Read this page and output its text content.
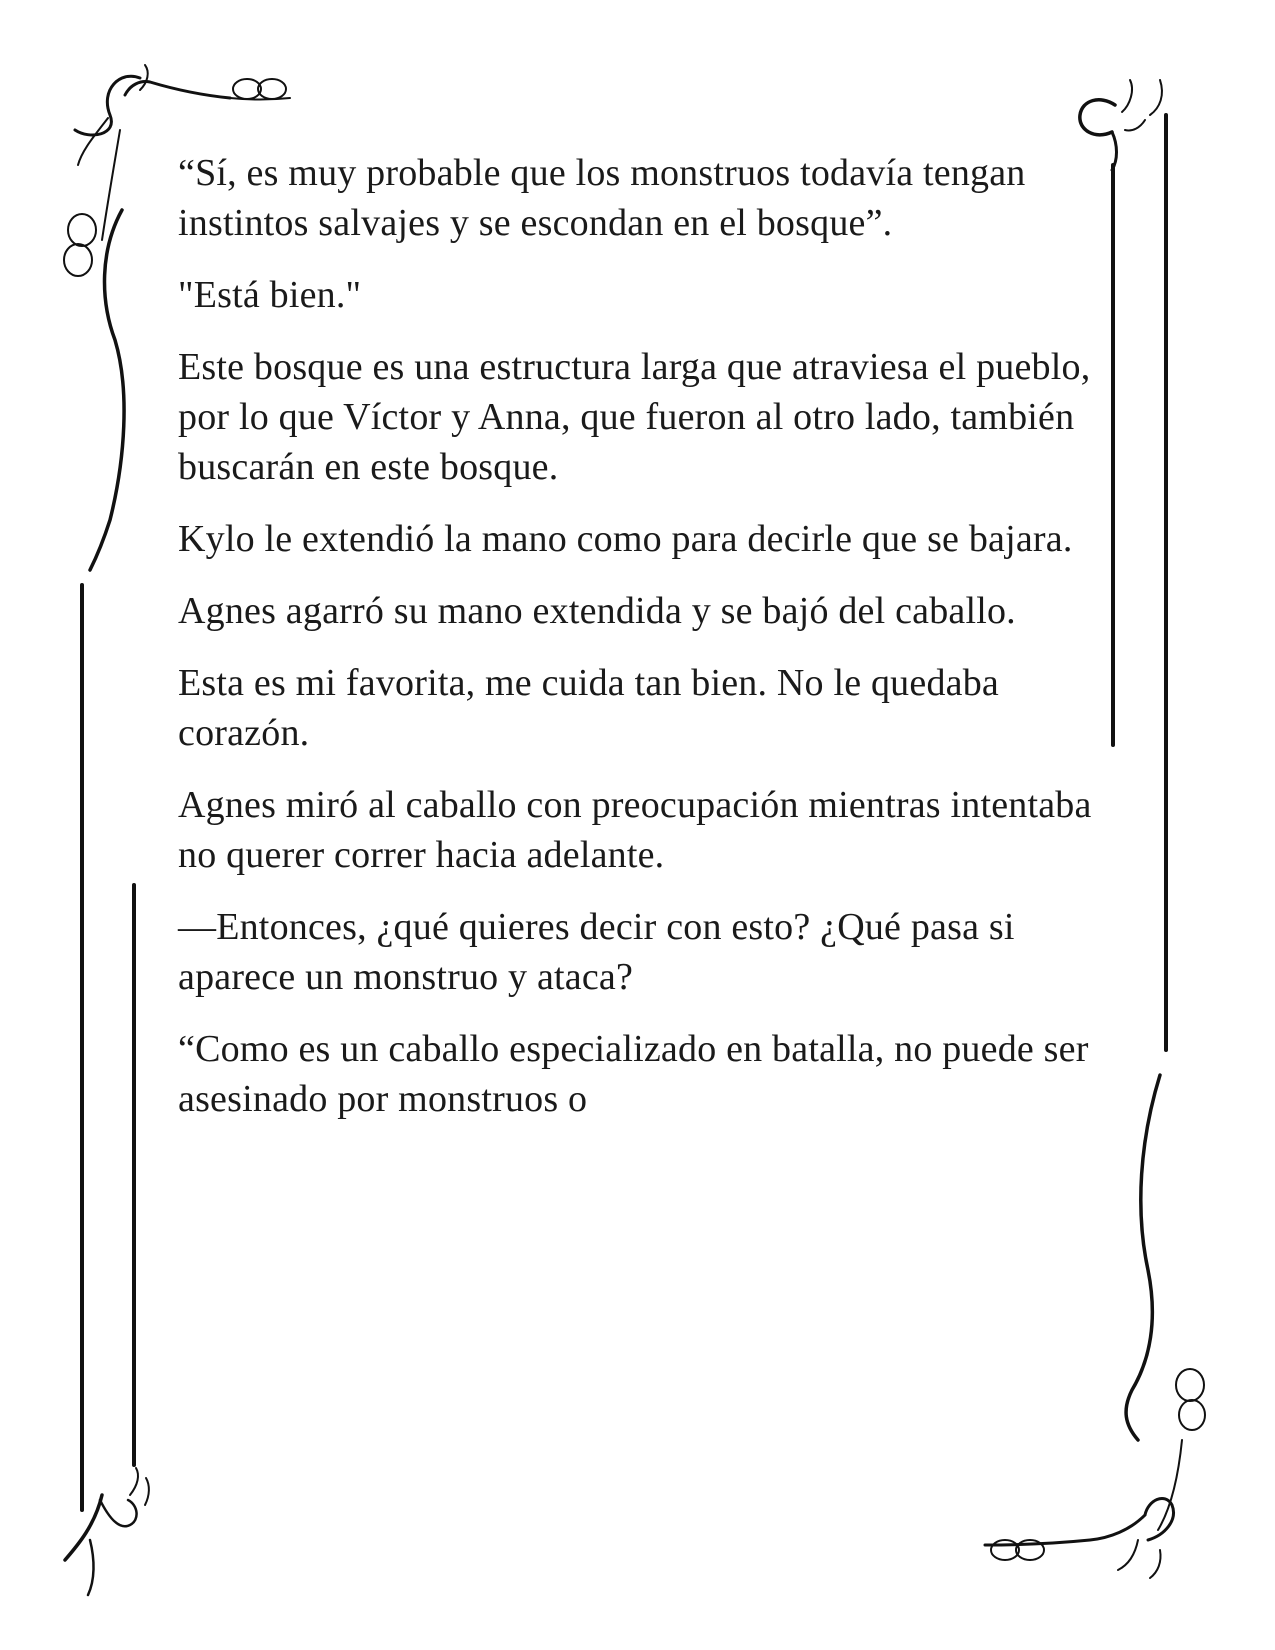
“Sí, es muy probable que los monstruos todavía tengan instintos salvajes y se escondan en el bosque”.

"Está bien."

Este bosque es una estructura larga que atraviesa el pueblo, por lo que Víctor y Anna, que fueron al otro lado, también buscarán en este bosque.

Kylo le extendió la mano como para decirle que se bajara.

Agnes agarró su mano extendida y se bajó del caballo.

Esta es mi favorita, me cuida tan bien. No le quedaba corazón.

Agnes miró al caballo con preocupación mientras intentaba no querer correr hacia adelante.

—Entonces, ¿qué quieres decir con esto? ¿Qué pasa si aparece un monstruo y ataca?

“Como es un caballo especializado en batalla, no puede ser asesinado por monstruos o
